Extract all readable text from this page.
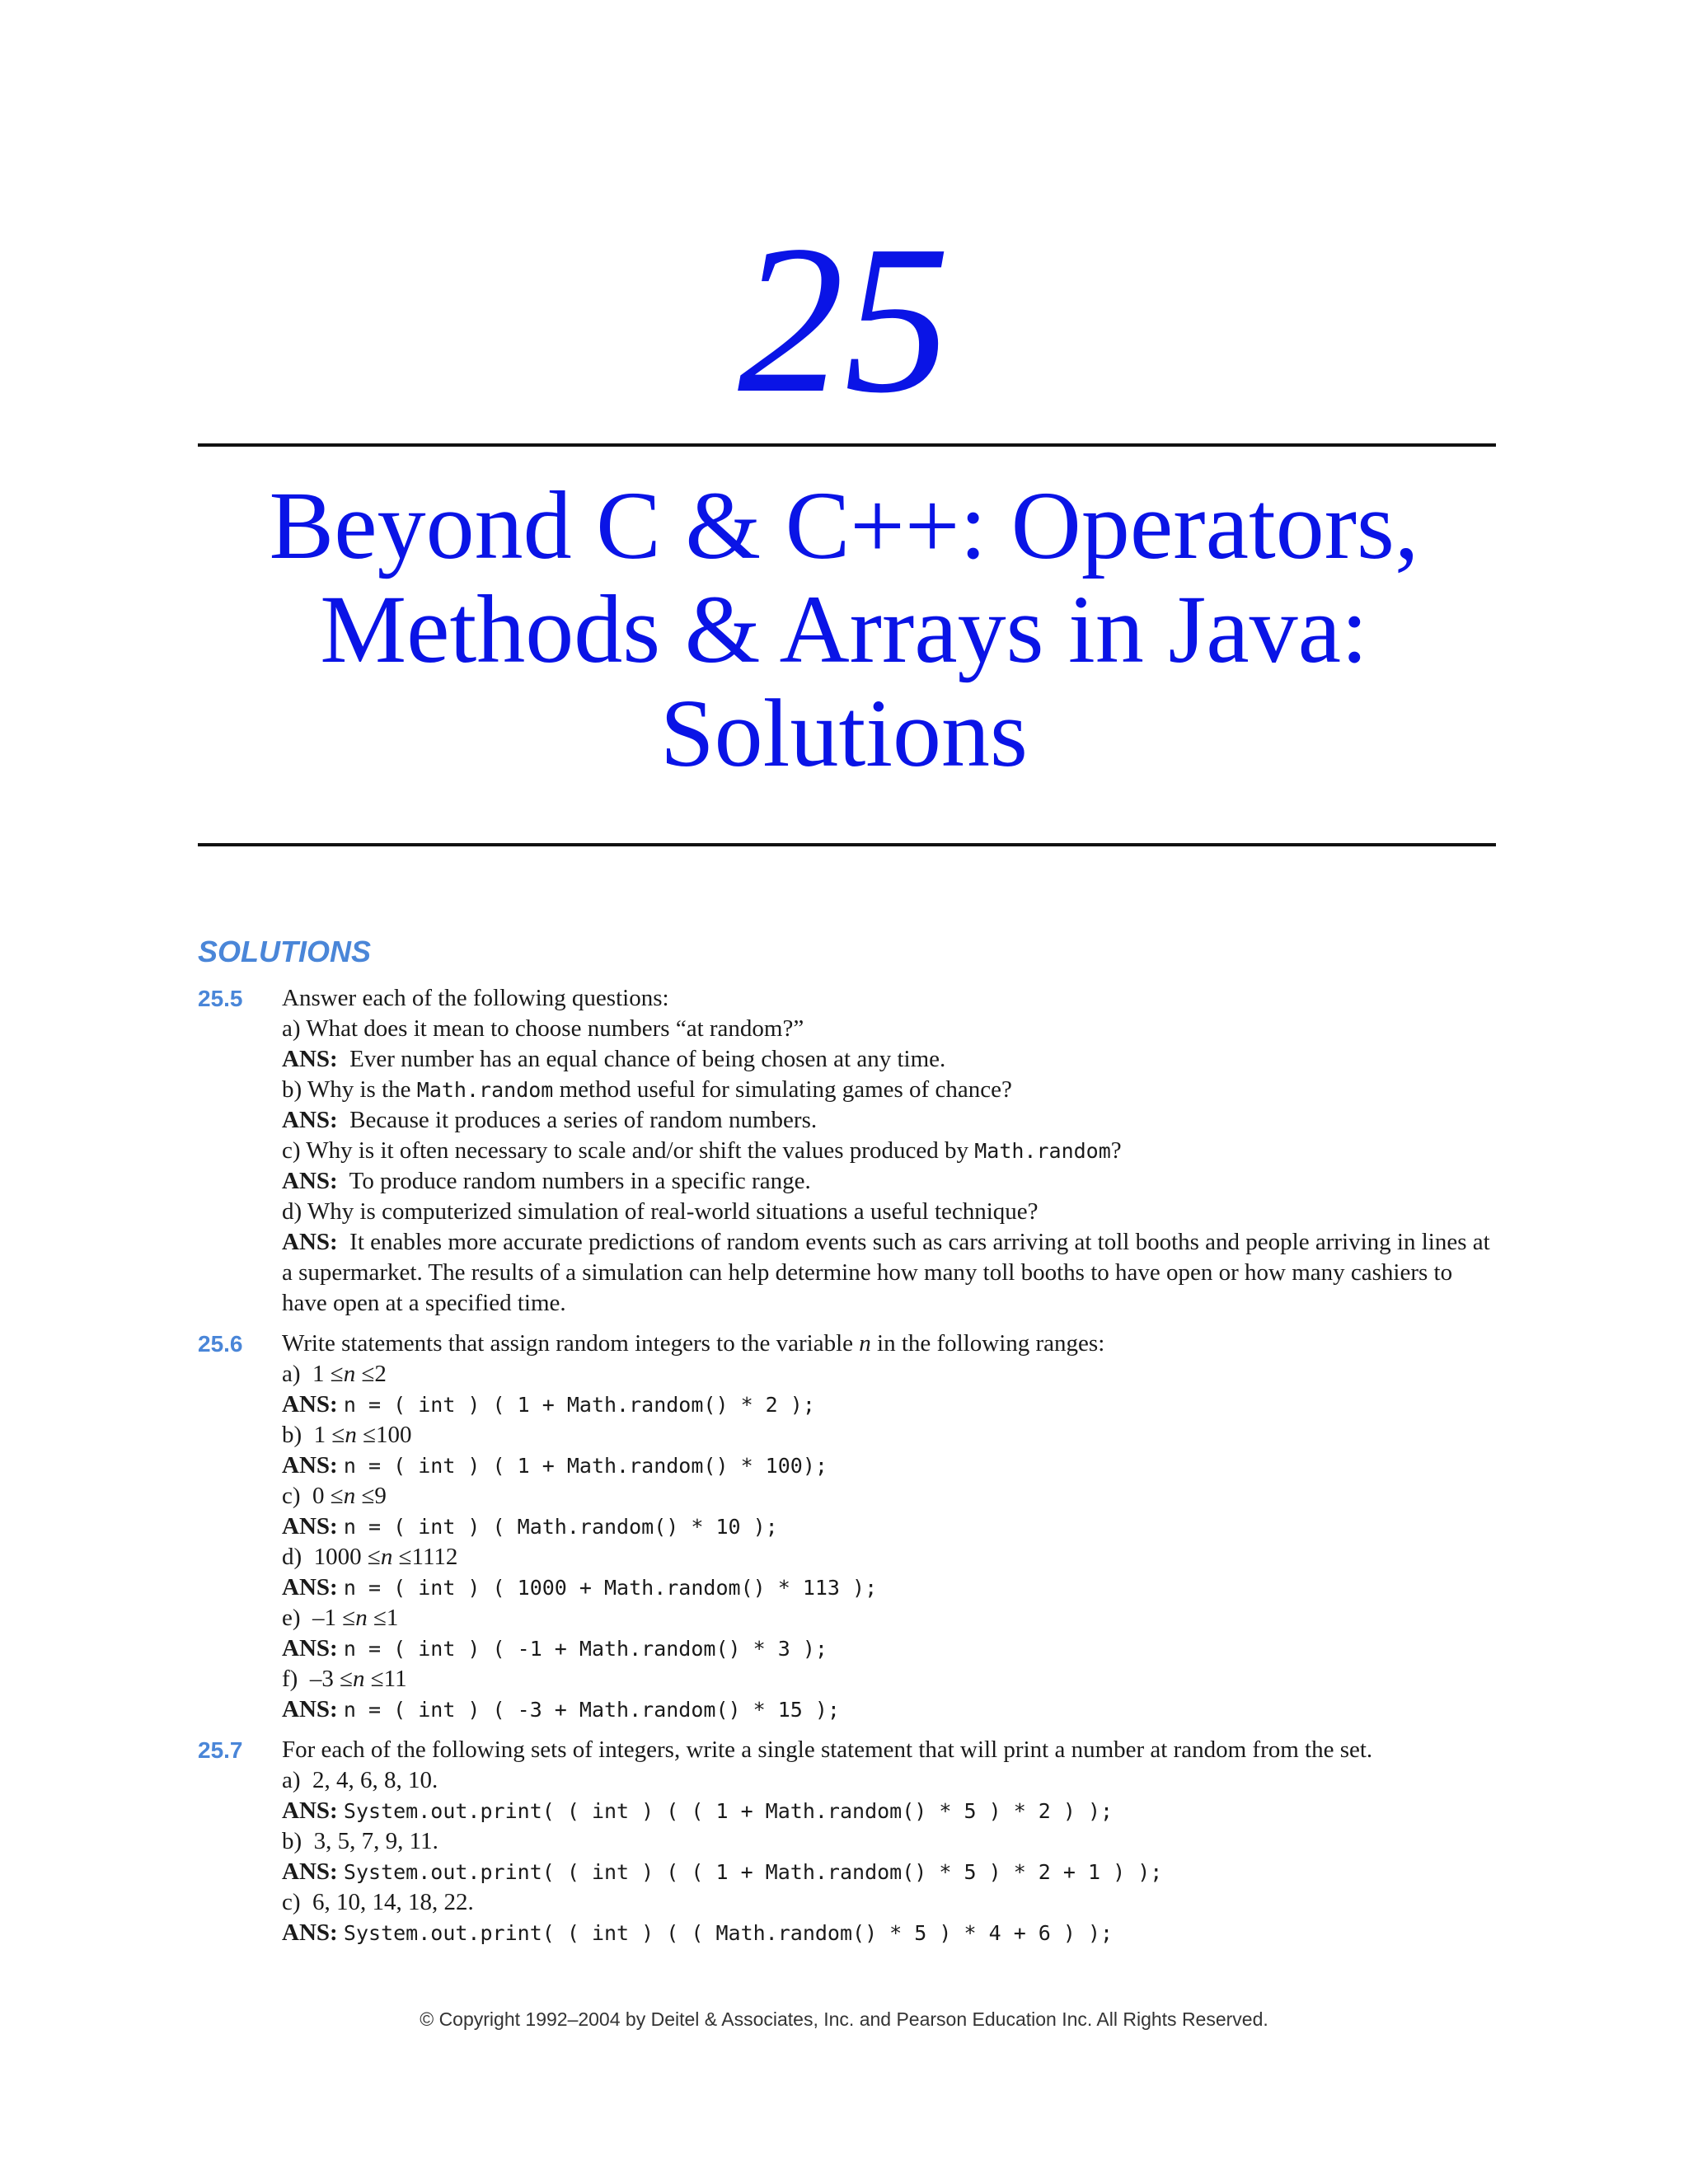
25
Beyond C & C++: Operators,
Methods & Arrays in Java:
Solutions
SOLUTIONS
25.5 Answer each of the following questions:
a) What does it mean to choose numbers “at random?”
ANS: Ever number has an equal chance of being chosen at any time.
b) Why is the Math.random method useful for simulating games of chance?
ANS: Because it produces a series of random numbers.
c) Why is it often necessary to scale and/or shift the values produced by Math.random?
ANS: To produce random numbers in a specific range.
d) Why is computerized simulation of real-world situations a useful technique?
ANS: It enables more accurate predictions of random events such as cars arriving at toll booths and people arriving in lines at a supermarket. The results of a simulation can help determine how many toll booths to have open or how many cashiers to have open at a specified time.
25.6 Write statements that assign random integers to the variable n in the following ranges:
a) 1 ≤n ≤2
ANS: n = ( int ) ( 1 + Math.random() * 2 );
b) 1 ≤n ≤100
ANS: n = ( int ) ( 1 + Math.random() * 100);
c) 0 ≤n ≤9
ANS: n = ( int ) ( Math.random() * 10 );
d) 1000 ≤n ≤1112
ANS: n = ( int ) ( 1000 + Math.random() * 113 );
e) –1 ≤n ≤1
ANS: n = ( int ) ( -1 + Math.random() * 3 );
f) –3 ≤n ≤11
ANS: n = ( int ) ( -3 + Math.random() * 15 );
25.7 For each of the following sets of integers, write a single statement that will print a number at random from the set.
a) 2, 4, 6, 8, 10.
ANS: System.out.print( ( int ) ( ( 1 + Math.random() * 5 ) * 2 ) );
b) 3, 5, 7, 9, 11.
ANS: System.out.print( ( int ) ( ( 1 + Math.random() * 5 ) * 2 + 1 ) );
c) 6, 10, 14, 18, 22.
ANS: System.out.print( ( int ) ( ( Math.random() * 5 ) * 4 + 6 ) );
© Copyright 1992–2004 by Deitel & Associates, Inc. and Pearson Education Inc. All Rights Reserved.
